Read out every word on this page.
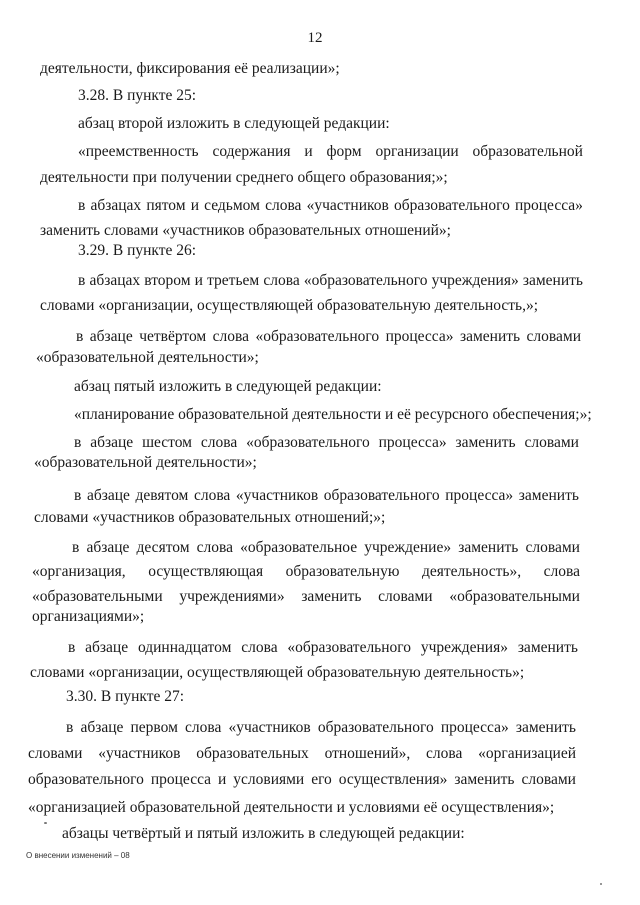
12
деятельности, фиксирования её реализации»;
3.28. В пункте 25:
абзац второй изложить в следующей редакции:
«преемственность содержания и форм организации образовательной
деятельности при получении среднего общего образования;»;
в абзацах пятом и седьмом слова «участников образовательного процесса»
заменить словами «участников образовательных отношений»;
3.29. В пункте 26:
в абзацах втором и третьем слова «образовательного учреждения» заменить
словами «организации, осуществляющей образовательную деятельность,»;
в абзаце четвёртом слова «образовательного процесса» заменить словами
«образовательной деятельности»;
абзац пятый изложить в следующей редакции:
«планирование образовательной деятельности и её ресурсного обеспечения;»;
в абзаце шестом слова «образовательного процесса» заменить словами
«образовательной деятельности»;
в абзаце девятом слова «участников образовательного процесса» заменить
словами «участников образовательных отношений;»;
в абзаце десятом слова «образовательное учреждение» заменить словами
«организация, осуществляющая образовательную деятельность», слова
«образовательными учреждениями» заменить словами «образовательными
организациями»;
в абзаце одиннадцатом слова «образовательного учреждения» заменить
словами «организации, осуществляющей образовательную деятельность»;
3.30. В пункте 27:
в абзаце первом слова «участников образовательного процесса» заменить
словами «участников образовательных отношений», слова «организацией
образовательного процесса и условиями его осуществления» заменить словами
«организацией образовательной деятельности и условиями её осуществления»;
абзацы четвёртый и пятый изложить в следующей редакции:
О внесении изменений – 08
